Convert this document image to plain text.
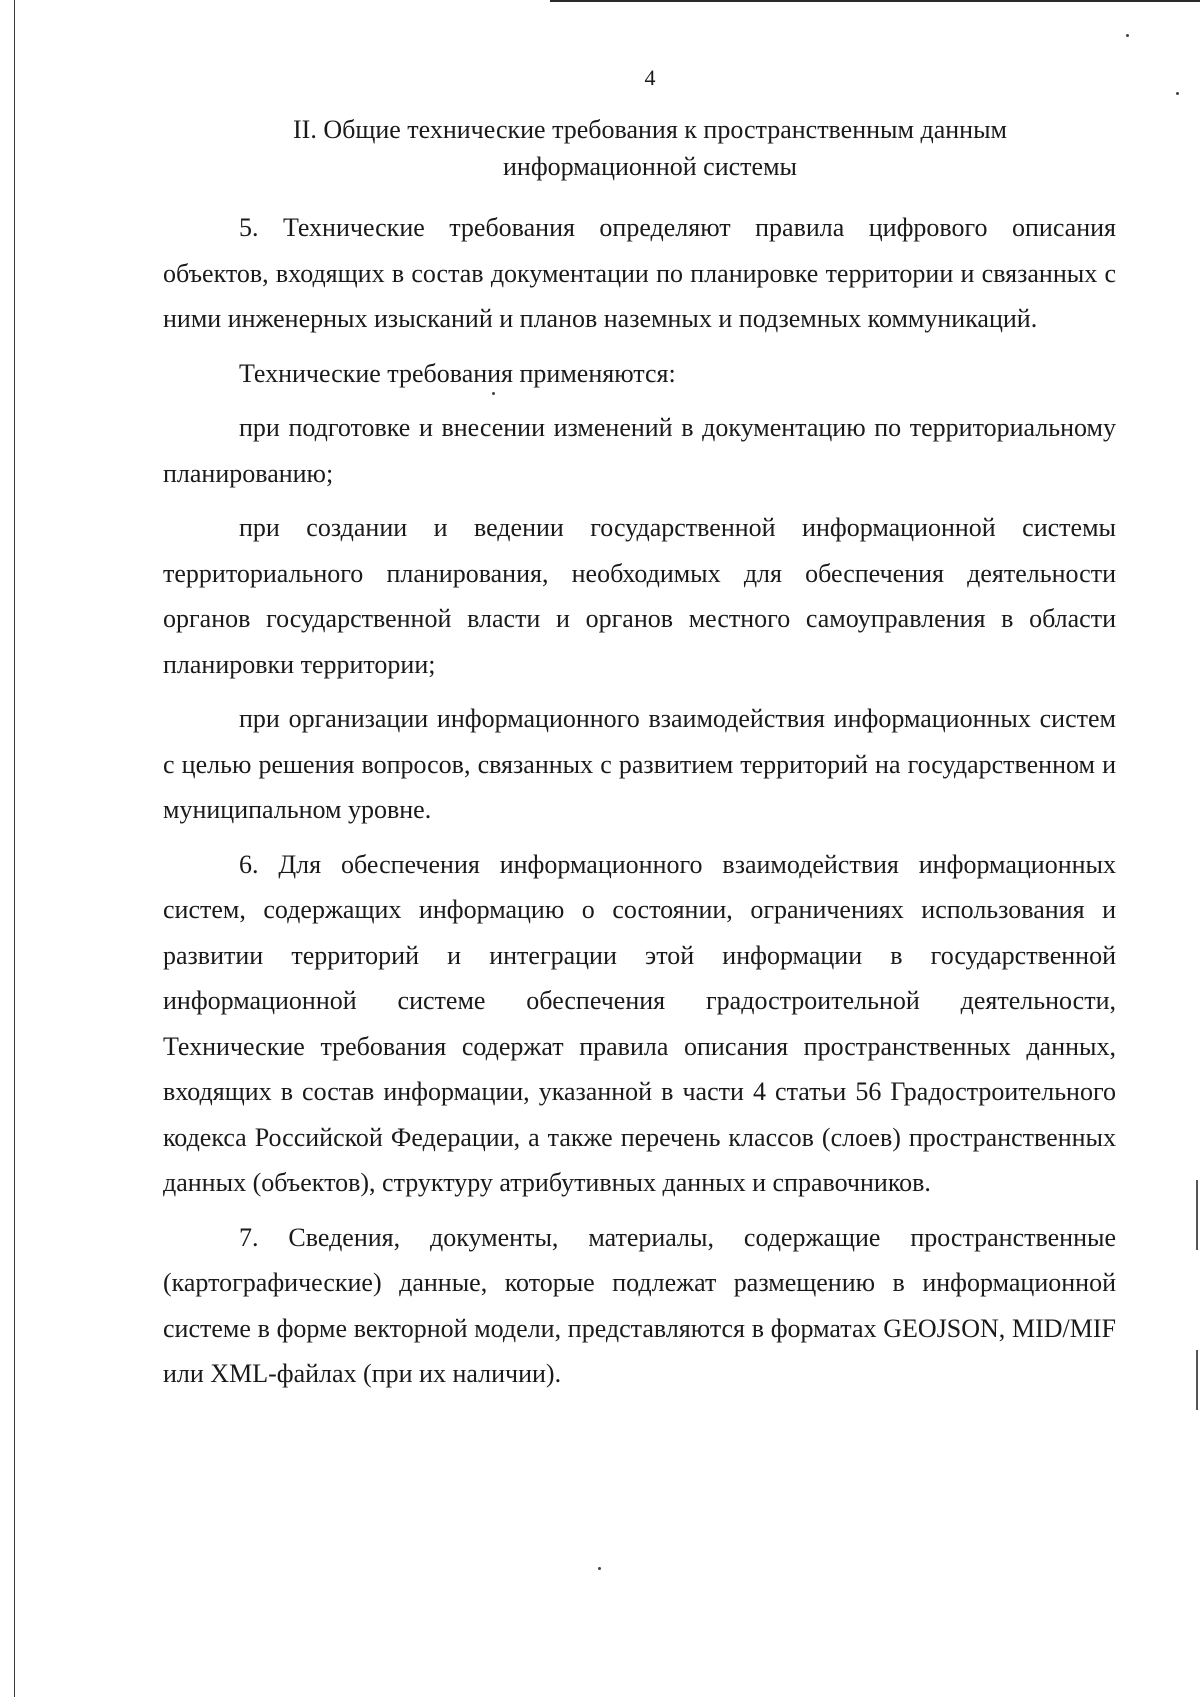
4
II. Общие технические требования к пространственным данным информационной системы

5. Технические требования определяют правила цифрового описания объектов, входящих в состав документации по планировке территории и связанных с ними инженерных изысканий и планов наземных и подземных коммуникаций.

Технические требования применяются:

при подготовке и внесении изменений в документацию по территориальному планированию;

при создании и ведении государственной информационной системы территориального планирования, необходимых для обеспечения деятельности органов государственной власти и органов местного самоуправления в области планировки территории;

при организации информационного взаимодействия информационных систем с целью решения вопросов, связанных с развитием территорий на государственном и муниципальном уровне.

6. Для обеспечения информационного взаимодействия информационных систем, содержащих информацию о состоянии, ограничениях использования и развитии территорий и интеграции этой информации в государственной информационной системе обеспечения градостроительной деятельности, Технические требования содержат правила описания пространственных данных, входящих в состав информации, указанной в части 4 статьи 56 Градостроительного кодекса Российской Федерации, а также перечень классов (слоев) пространственных данных (объектов), структуру атрибутивных данных и справочников.

7. Сведения, документы, материалы, содержащие пространственные (картографические) данные, которые подлежат размещению в информационной системе в форме векторной модели, представляются в форматах GEOJSON, MID/MIF или XML-файлах (при их наличии).
